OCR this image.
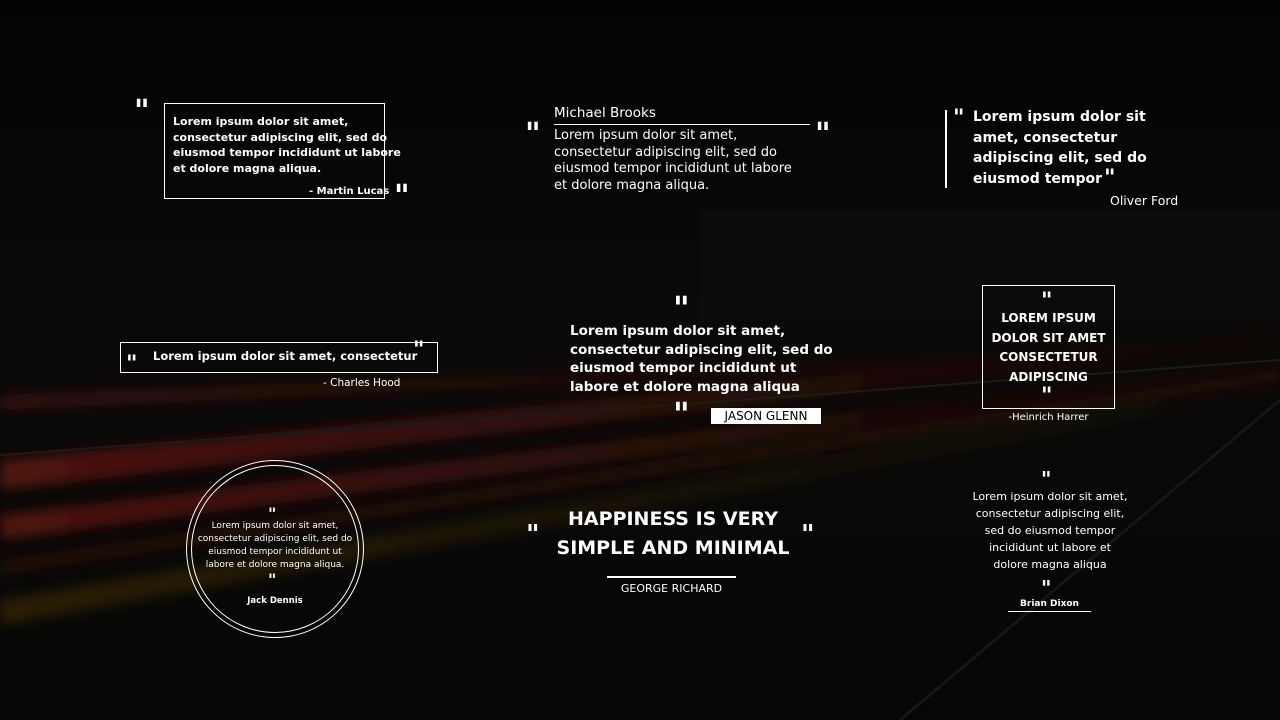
" Lorem ipsum dolor sit amet,
consectetur adipiscing elit, sed do
eiusmod tempor incididunt ut labore
et dolore magna aliqua.
- Martin Lucas "
Michael Brooks
" Lorem ipsum dolor sit amet,
consectetur adipiscing elit, sed do
eiusmod tempor incididunt ut labore
et dolore magna aliqua.
"	" Lorem ipsum dolor sit
amet, consectetur
adipiscing elit, sed do
eiusmod tempor "
Oliver Ford
" Lorem ipsum dolor sit amet, consectetur
"
- Charles Hood
"
Lorem ipsum dolor sit amet,
consectetur adipiscing elit, sed do
eiusmod tempor incididunt ut
labore et dolore magna aliqua
"	JASON GLENN
"
LOREM IPSUM
DOLOR SIT AMET
CONSECTETUR
ADIPISCING
"
-Heinrich Harrer
"
Lorem ipsum dolor sit amet,
consectetur adipiscing elit, sed do
eiusmod tempor incididunt ut
labore et dolore magna aliqua.
"
Jack Dennis
"
HAPPINESS IS VERY
SIMPLE AND MINIMAL "
GEORGE RICHARD
"
Lorem ipsum dolor sit amet,
consectetur adipiscing elit,
sed do eiusmod tempor
incididunt ut labore et
dolore magna aliqua
"
Brian Dixon
